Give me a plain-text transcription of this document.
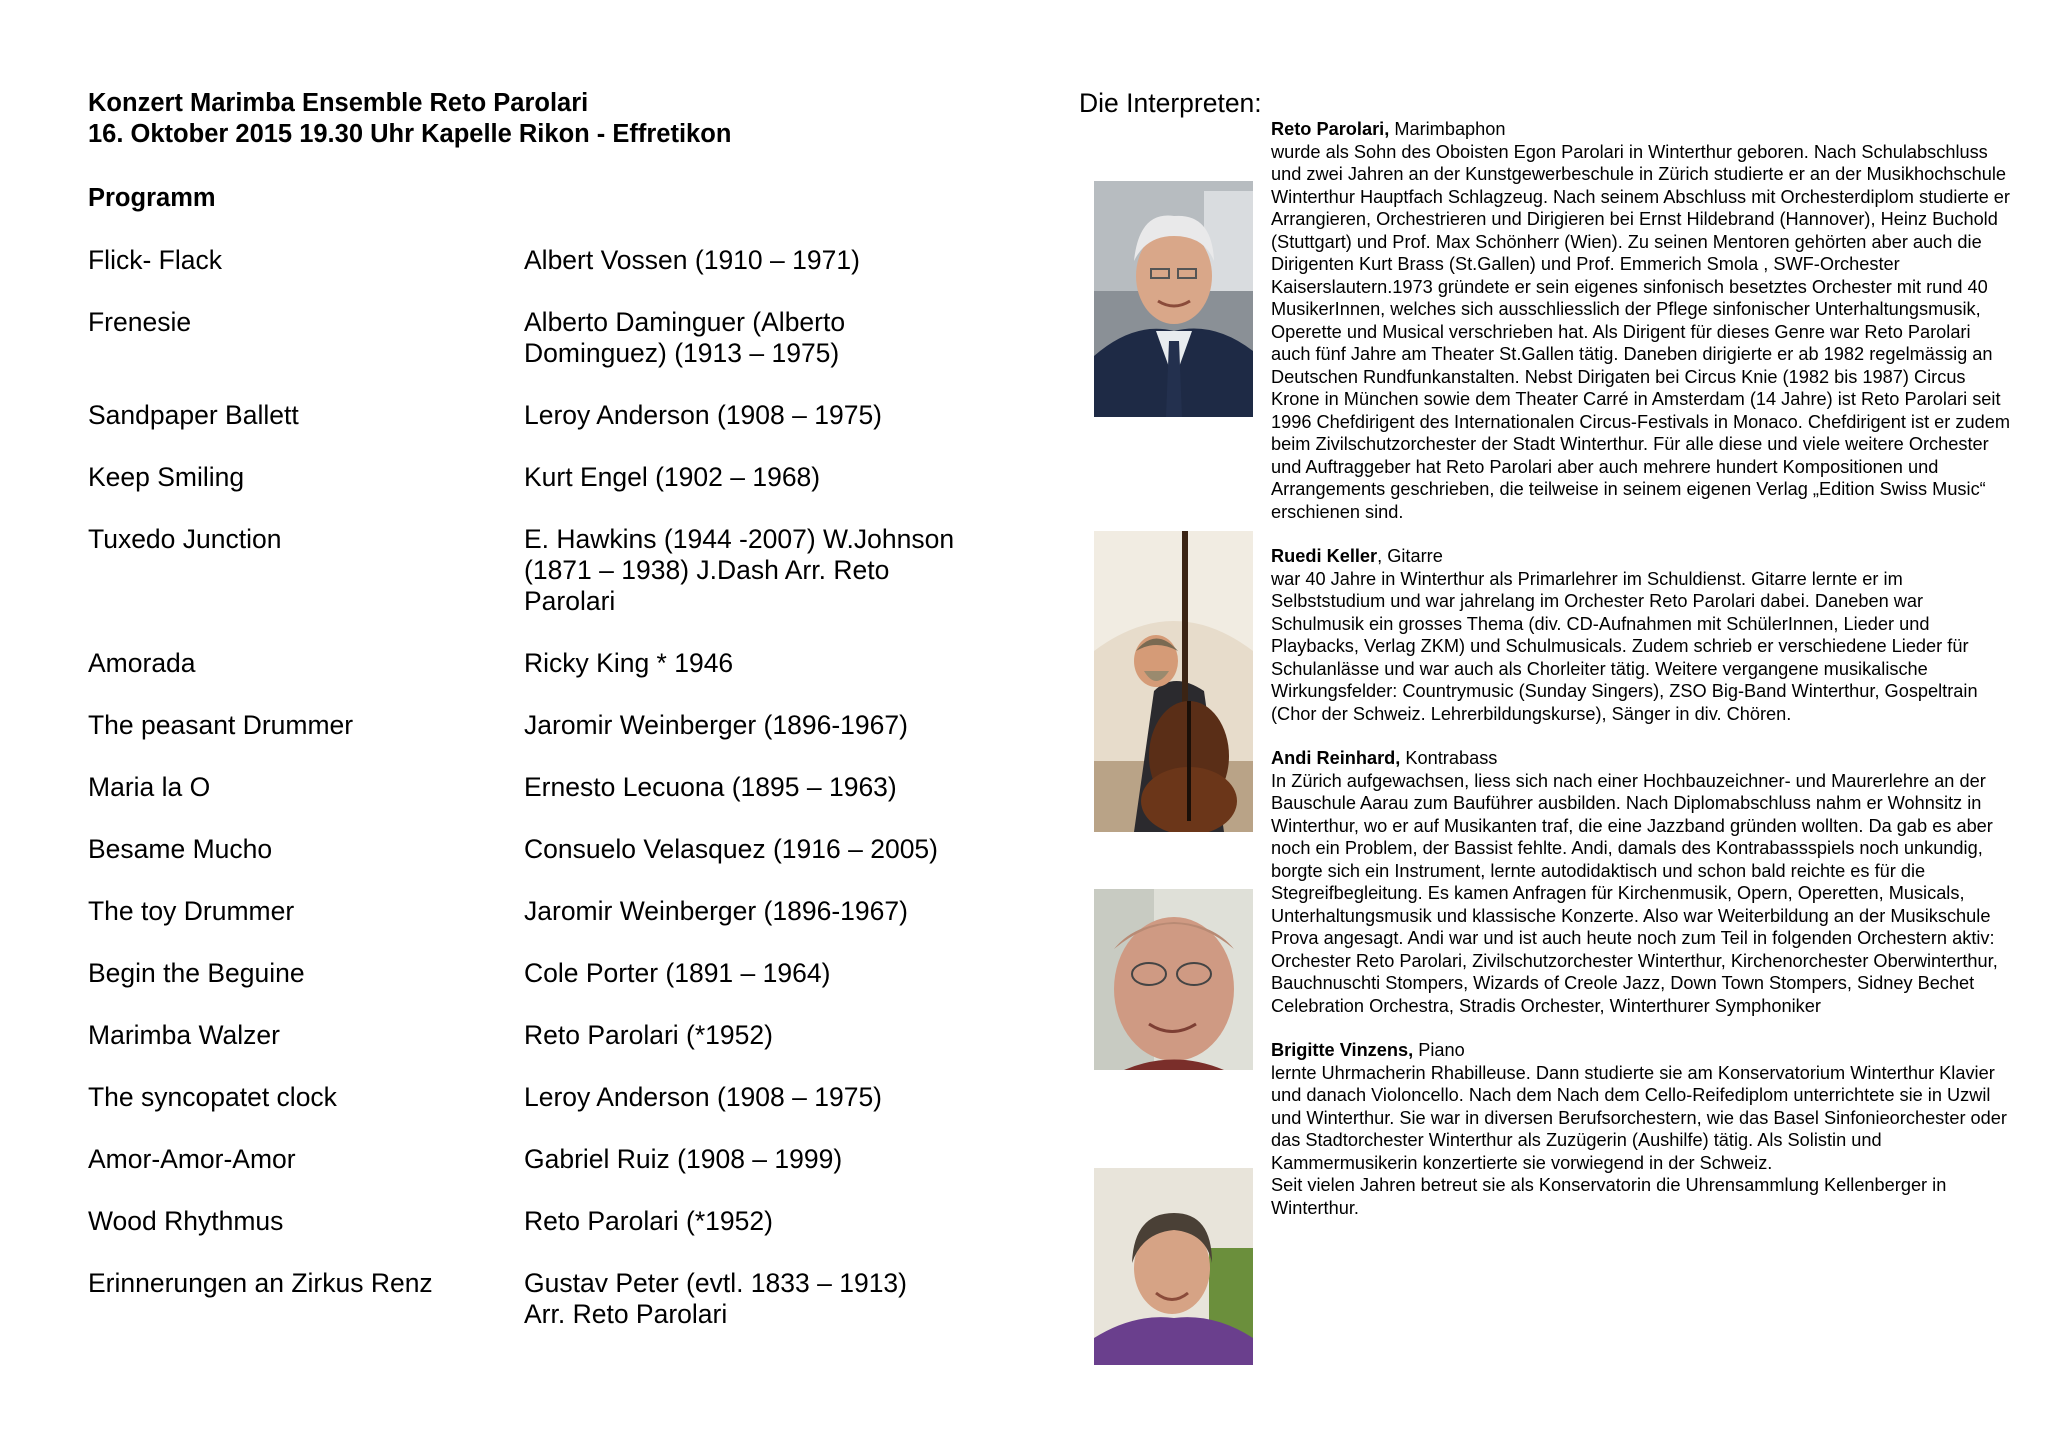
Konzert Marimba Ensemble Reto Parolari
16. Oktober 2015 19.30 Uhr Kapelle Rikon - Effretikon
Programm
Flick- Flack	Albert Vossen (1910 – 1971)
Frenesie	Alberto Daminguer (Alberto
Dominguez) (1913 – 1975)
Sandpaper Ballett	Leroy Anderson (1908 – 1975)
Keep Smiling	Kurt Engel (1902 – 1968)
Tuxedo Junction	E. Hawkins (1944 -2007) W.Johnson
(1871 – 1938) J.Dash Arr. Reto
Parolari
Amorada	Ricky King * 1946
The peasant Drummer	Jaromir Weinberger (1896-1967)
Maria la O	Ernesto Lecuona (1895 – 1963)
Besame Mucho	Consuelo Velasquez (1916 – 2005)
The toy Drummer	Jaromir Weinberger (1896-1967)
Begin the Beguine	Cole Porter (1891 – 1964)
Marimba Walzer	Reto Parolari (*1952)
The syncopatet clock	Leroy Anderson (1908 – 1975)
Amor-Amor-Amor	Gabriel Ruiz (1908 – 1999)
Wood Rhythmus	Reto Parolari (*1952)
Erinnerungen an Zirkus Renz	Gustav Peter (evtl. 1833 – 1913)
Arr. Reto Parolari
Die Interpreten:
Reto Parolari, Marimbaphon
wurde als Sohn des Oboisten Egon Parolari in Winterthur geboren. Nach Schulabschluss und zwei Jahren an der Kunstgewerbeschule in Zürich studierte er an der Musikhochschule Winterthur Hauptfach Schlagzeug. Nach seinem Abschluss mit Orchesterdiplom studierte er Arrangieren, Orchestrieren und Dirigieren bei Ernst Hildebrand (Hannover), Heinz Buchold (Stuttgart) und Prof. Max Schönherr (Wien). Zu seinen Mentoren gehörten aber auch die Dirigenten Kurt Brass (St.Gallen) und Prof. Emmerich Smola , SWF-Orchester Kaiserslautern.1973 gründete er sein eigenes sinfonisch besetztes Orchester mit rund 40 MusikerInnen, welches sich ausschliesslich der Pflege sinfonischer Unterhaltungsmusik, Operette und Musical verschrieben hat. Als Dirigent für dieses Genre war Reto Parolari auch fünf Jahre am Theater St.Gallen tätig. Daneben dirigierte er ab 1982 regelmässig an Deutschen Rundfunkanstalten. Nebst Dirigaten bei Circus Knie (1982 bis 1987) Circus Krone in München sowie dem Theater Carré in Amsterdam (14 Jahre) ist Reto Parolari seit 1996 Chefdirigent des Internationalen Circus-Festivals in Monaco. Chefdirigent ist er zudem beim Zivilschutzorchester der Stadt Winterthur. Für alle diese und viele weitere Orchester und Auftraggeber hat Reto Parolari aber auch mehrere hundert Kompositionen und Arrangements geschrieben, die teilweise in seinem eigenen Verlag „Edition Swiss Music“ erschienen sind.
Ruedi Keller, Gitarre
war 40 Jahre in Winterthur als Primarlehrer im Schuldienst. Gitarre lernte er im Selbststudium und war jahrelang im Orchester Reto Parolari dabei. Daneben war Schulmusik ein grosses Thema (div. CD-Aufnahmen mit SchülerInnen, Lieder und Playbacks, Verlag ZKM) und Schulmusicals. Zudem schrieb er verschiedene Lieder für Schulanlässe und war auch als Chorleiter tätig. Weitere vergangene musikalische Wirkungsfelder: Countrymusic (Sunday Singers), ZSO Big-Band Winterthur, Gospeltrain (Chor der Schweiz. Lehrerbildungskurse), Sänger in div. Chören.
Andi Reinhard, Kontrabass
In Zürich aufgewachsen, liess sich nach einer Hochbauzeichner- und Maurerlehre an der Bauschule Aarau zum Bauführer ausbilden. Nach Diplomabschluss nahm er Wohnsitz in Winterthur, wo er auf Musikanten traf, die eine Jazzband gründen wollten. Da gab es aber noch ein Problem, der Bassist fehlte. Andi, damals des Kontrabassspiels noch unkundig, borgte sich ein Instrument, lernte autodidaktisch und schon bald reichte es für die Stegreifbegleitung. Es kamen Anfragen für Kirchenmusik, Opern, Operetten, Musicals, Unterhaltungsmusik und klassische Konzerte. Also war Weiterbildung an der Musikschule Prova angesagt. Andi war und ist auch heute noch zum Teil in folgenden Orchestern aktiv: Orchester Reto Parolari, Zivilschutzorchester Winterthur, Kirchenorchester Oberwinterthur, Bauchnuschti Stompers, Wizards of Creole Jazz, Down Town Stompers, Sidney Bechet Celebration Orchestra, Stradis Orchester, Winterthurer Symphoniker
Brigitte Vinzens, Piano
lernte Uhrmacherin Rhabilleuse. Dann studierte sie am Konservatorium Winterthur Klavier und danach Violoncello. Nach dem Nach dem Cello-Reifediplom unterrichtete sie in Uzwil und Winterthur. Sie war in diversen Berufsorchestern, wie das Basel Sinfonieorchester oder das Stadtorchester Winterthur als Zuzügerin (Aushilfe) tätig. Als Solistin und Kammermusikerin konzertierte sie vorwiegend in der Schweiz.
Seit vielen Jahren betreut sie als Konservatorin die Uhrensammlung Kellenberger in Winterthur.
